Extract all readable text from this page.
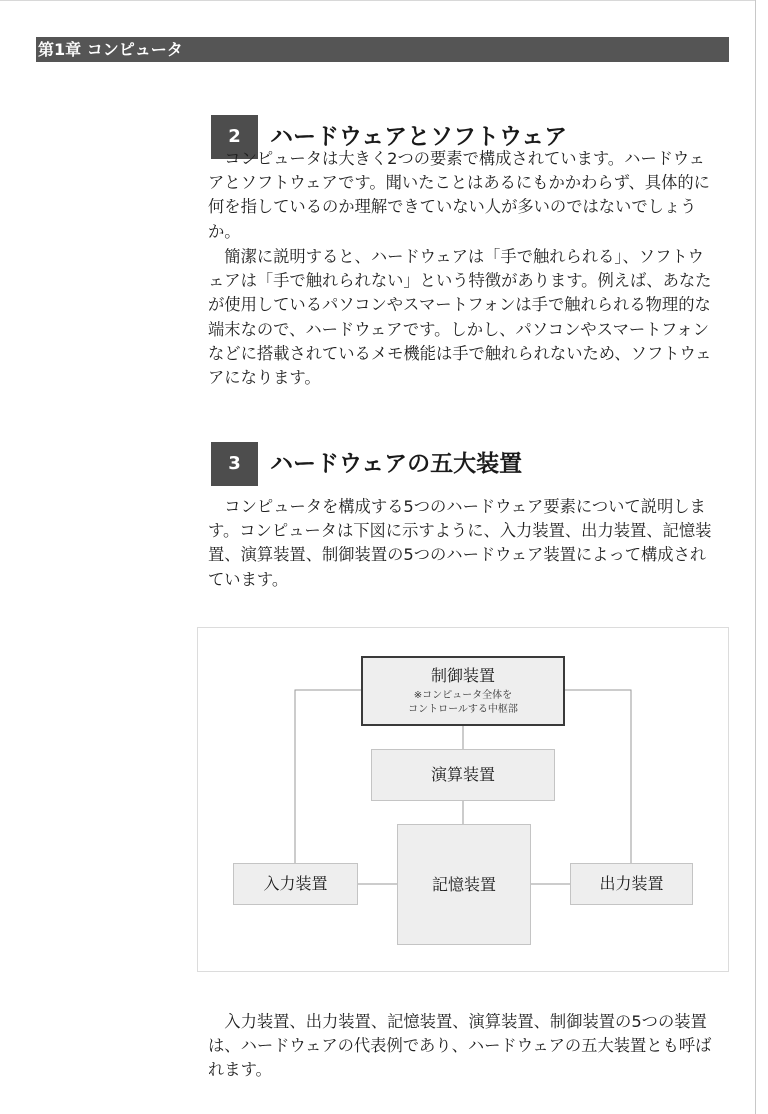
第1章 コンピュータ
2	ハードウェアとソフトウェア

　コンピュータは大きく2つの要素で構成されています。ハードウェアとソフトウェアです。聞いたことはあるにもかかわらず、具体的に何を指しているのか理解できていない人が多いのではないでしょうか。

　簡潔に説明すると、ハードウェアは「手で触れられる」、ソフトウェアは「手で触れられない」という特徴があります。例えば、あなたが使用しているパソコンやスマートフォンは手で触れられる物理的な端末なので、ハードウェアです。しかし、パソコンやスマートフォンなどに搭載されているメモ機能は手で触れられないため、ソフトウェアになります。

3	ハードウェアの五大装置

　コンピュータを構成する5つのハードウェア要素について説明します。コンピュータは下図に示すように、入力装置、出力装置、記憶装置、演算装置、制御装置の5つのハードウェア装置によって構成されています。

制御装置
※コンピュータ全体を
コントロールする中枢部
演算装置
記憶装置
入力装置	出力装置

　入力装置、出力装置、記憶装置、演算装置、制御装置の5つの装置は、ハードウェアの代表例であり、ハードウェアの五大装置とも呼ばれます。
